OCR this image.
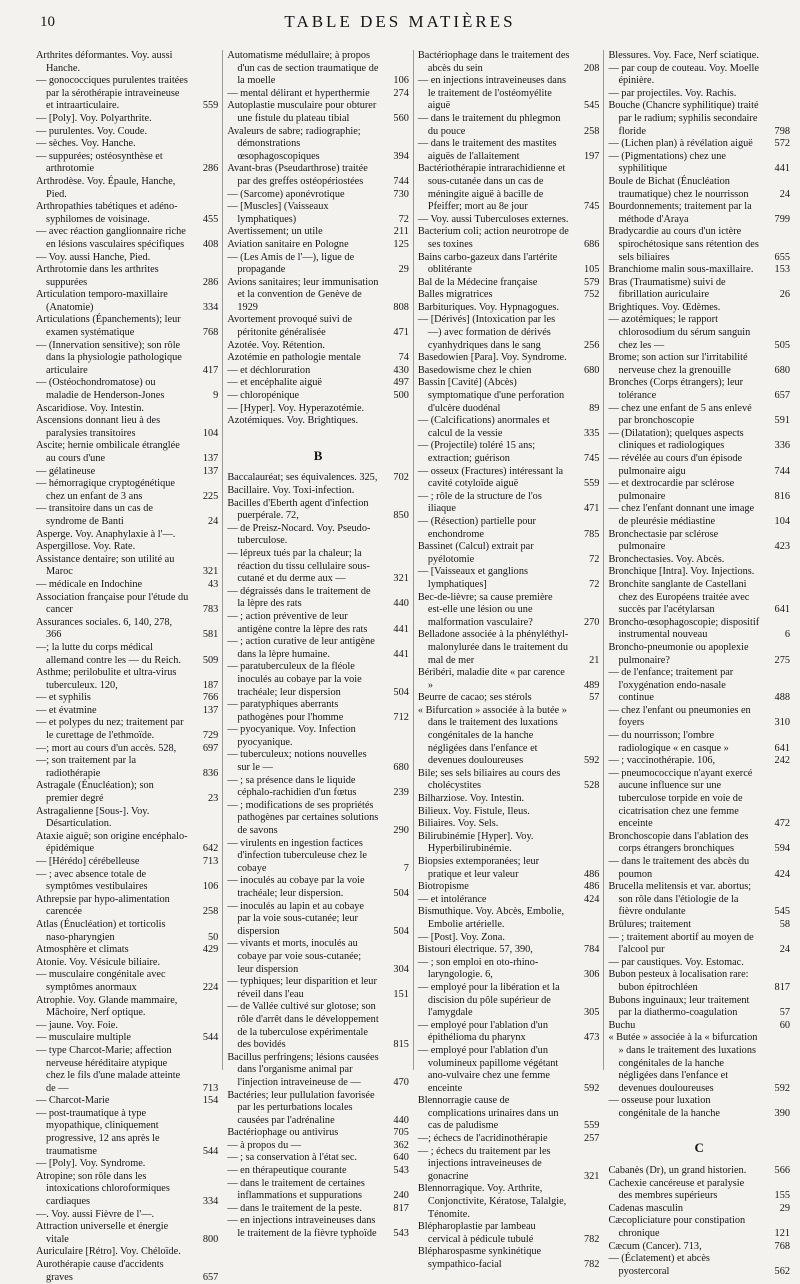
10	TABLE DES MATIÈRES

Arthrites déformantes. Voy. aussi Hanche.

— gonococciques purulentes traitées par la sérothérapie intraveineuse et intraarticulaire.	559

— [Poly]. Voy. Polyarthrite.

— purulentes. Voy. Coude.

— sèches. Voy. Hanche.

— suppurées; ostéosynthèse et arthrotomie	286

Arthrodèse. Voy. Épaule, Hanche, Pied.

Arthropathies tabétiques et adéno-syphilomes de voisinage.	455

— avec réaction ganglionnaire riche en lésions vasculaires spécifiques	408

— Voy. aussi Hanche, Pied.

Arthrotomie dans les arthrites suppurées	286

Articulation temporo-maxillaire (Anatomie)	334

Articulations (Épanchements); leur examen systématique	768

— (Innervation sensitive); son rôle dans la physiologie pathologique articulaire	417

— (Ostéochondromatose) ou maladie de Henderson-Jones	9

Ascaridiose. Voy. Intestin.

Ascensions donnant lieu à des paralysies transitoires	104

Ascite; hernie ombilicale étranglée au cours d'une	137

— gélatineuse	137

— hémorragique cryptogénétique chez un enfant de 3 ans	225

— transitoire dans un cas de syndrome de Banti	24

Asperge. Voy. Anaphylaxie à l'—.

Aspergillose. Voy. Rate.

Assistance dentaire; son utilité au Maroc	321

— médicale en Indochine	43

Association française pour l'étude du cancer	783

Assurances sociales. 6, 140, 278, 366	581

—; la lutte du corps médical allemand contre les — du Reich.	509

Asthme; perilobulite et ultra-virus tuberculeux. 120,	187

— et syphilis	766

— et évatmine	137

— et polypes du nez; traitement par le curettage de l'ethmoïde.	729

—; mort au cours d'un accès. 528,	697

—; son traitement par la radiothérapie	836

Astragale (Énucléation); son premier degré	23

Astragalienne [Sous-]. Voy. Désarticulation.

Ataxie aiguë; son origine encéphalo-épidémique	642

— [Hérédo] cérébelleuse	713

— ; avec absence totale de symptômes vestibulaires	106

Athrepsie par hypo-alimentation carencée	258

Atlas (Énucléation) et torticolis naso-pharyngien	50

Atmosphère et climats	429

Atonie. Voy. Vésicule biliaire.

— musculaire congénitale avec symptômes anormaux	224

Atrophie. Voy. Glande mammaire, Mâchoire, Nerf optique.

— jaune. Voy. Foie.

— musculaire multiple	544

— type Charcot-Marie; affection nerveuse héréditaire atypique chez le fils d'une malade atteinte de —	713

— Charcot-Marie	154

— post-traumatique à type myopathique, cliniquement progressive, 12 ans après le traumatisme	544

— [Poly]. Voy. Syndrome.

Atropine; son rôle dans les intoxications chloroformiques cardiaques	334

—. Voy. aussi Fièvre de l'—.

Attraction universelle et énergie vitale	800

Auriculaire [Rétro]. Voy. Chéloïde.

Aurothérapie cause d'accidents graves	657

Automatisme médullaire; à propos d'un cas de section traumatique de la moelle	106

— mental délirant et hyperthermie	274

Autoplastie musculaire pour obturer une fistule du plateau tibial	560

Avaleurs de sabre; radiographie; démonstrations œsophagoscopiques	394

Avant-bras (Pseudarthrose) traitée par des greffes ostéopériostées	744

— (Sarcome) aponévrotique	730

— [Muscles] (Vaisseaux lymphatiques)	72

Avertissement; un utile	211

Aviation sanitaire en Pologne	125

— (Les Amis de l'—), ligue de propagande	29

Avions sanitaires; leur immunisation et la convention de Genève de 1929	808

Avortement provoqué suivi de péritonite généralisée	471

Azotée. Voy. Rétention.

Azotémie en pathologie mentale	74

— et déchloruration	430

— et encéphalite aiguë	497

— chloropénique	500

— [Hyper]. Voy. Hyperazotémie.

Azotémiques. Voy. Brightiques.

B

Baccalauréat; ses équivalences. 325, 702

Bacillaire. Voy. Toxi-infection.

Bacilles d'Eberth agent d'infection puerpérale. 72,	850

— de Preisz-Nocard. Voy. Pseudo-tuberculose.

— lépreux tués par la chaleur; la réaction du tissu cellulaire sous-cutané et du derme aux —	321

— dégraissés dans le traitement de la lèpre des rats	440

— ; action préventive de leur antigène contre la lèpre des rats	441

— ; action curative de leur antigène dans la lèpre humaine.	441

— paratuberculeux de la fléole inoculés au cobaye par la voie trachéale; leur dispersion	504

— paratyphiques aberrants pathogènes pour l'homme	712

— pyocyanique. Voy. Infection pyocyanique.

— tuberculeux; notions nouvelles sur le —	680

— ; sa présence dans le liquide céphalo-rachidien d'un fœtus	239

— ; modifications de ses propriétés pathogènes par certaines solutions de savons	290

— virulents en ingestion factices d'infection tuberculeuse chez le cobaye	7

— inoculés au cobaye par la voie trachéale; leur dispersion.	504

— inoculés au lapin et au cobaye par la voie sous-cutanée; leur dispersion	504

— vivants et morts, inoculés au cobaye par voie sous-cutanée; leur dispersion	304

— typhiques; leur disparition et leur réveil dans l'eau	151

— de Vallée cultivé sur glotose; son rôle d'arrêt dans le développement de la tuberculose expérimentale des bovidés	815

Bacillus perfringens; lésions causées dans l'organisme animal par l'injection intraveineuse de —	470

Bactéries; leur pullulation favorisée par les perturbations locales causées par l'adrénaline	440

Bactériophage ou antivirus	705

— à propos du —	362

— ; sa conservation à l'état sec.	640

— en thérapeutique courante	543

— dans le traitement de certaines inflammations et suppurations	240

— dans le traitement de la peste.	817

— en injections intraveineuses dans le traitement de la fièvre typhoïde 543

Bactériophage dans le traitement des abcès du sein	208

— en injections intraveineuses dans le traitement de l'ostéomyélite aiguë	545

— dans le traitement du phlegmon du pouce	258

— dans le traitement des mastites aiguës de l'allaitement	197

Bactériothérapie intrarachidienne et sous-cutanée dans un cas de méningite aiguë à bacille de Pfeiffer; mort au 8e jour	745

— Voy. aussi Tuberculoses externes.

Bacterium coli; action neurotrope de ses toxines	686

Bains carbo-gazeux dans l'artérite oblitérante	105

Bal de la Médecine française	579

Balles migratrices	752

Barbituriques. Voy. Hypnagogues.

— [Dérivés] (Intoxication par les —) avec formation de dérivés cyanhydriques dans le sang	256

Basedowien [Para]. Voy. Syndrome.

Basedowisme chez le chien	680

Bassin [Cavité] (Abcès) symptomatique d'une perforation d'ulcère duodénal	89

— (Calcifications) anormales et calcul de la vessie	335

— (Projectile) toléré 15 ans; extraction; guérison	745

— osseux (Fractures) intéressant la cavité cotyloïde aiguë	559

— ; rôle de la structure de l'os iliaque	471

— (Résection) partielle pour enchondrome	785

Bassinet (Calcul) extrait par pyélotomie	72

— [Vaisseaux et ganglions lymphatiques]	72

Bec-de-lièvre; sa cause première est-elle une lésion ou une malformation vasculaire?	270

Belladone associée à la phényléthyl-malonylurée dans le traitement du mal de mer	21

Béribéri, maladie dite « par carence »	489

Beurre de cacao; ses stérols	57

« Bifurcation » associée à la butée » dans le traitement des luxations congénitales de la hanche négligées dans l'enfance et devenues douloureuses	592

Bile; ses sels biliaires au cours des cholécystites	528

Bilharziose. Voy. Intestin.

Bilieux. Voy. Fistule, Ileus.

Biliaires. Voy. Sels.

Bilirubinémie [Hyper]. Voy. Hyperbilirubinémie.

Biopsies extemporanées; leur pratique et leur valeur	486

Biotropisme	486

— et intolérance	424

Bismuthique. Voy. Abcès, Embolie, Embolie artérielle.

— [Post]. Voy. Zona.

Bistouri électrique. 57, 390,	784

— ; son emploi en oto-rhino-laryngologie. 6,	306

— employé pour la libération et la discision du pôle supérieur de l'amygdale	305

— employé pour l'ablation d'un épithélioma du pharynx	473

— employé pour l'ablation d'un volumineux papillome végétant ano-vulvaire chez une femme enceinte	592

Blennorragie cause de complications urinaires dans un cas de paludisme	559

—; échecs de l'acridinothérapie	257

— ; échecs du traitement par les injections intraveineuses de gonacrine	321

Blennorragique. Voy. Arthrite, Conjonctivite, Kératose, Talalgie, Ténomite.

Blépharoplastie par lambeau cervical à pédicule tubulé	782

Blépharospasme synkinétique sympathico-facial	782

Blessures. Voy. Face, Nerf sciatique.

— par coup de couteau. Voy. Moelle épinière.

— par projectiles. Voy. Rachis.

Bouche (Chancre syphilitique) traité par le radium; syphilis secondaire floride	798

— (Lichen plan) à révélation aiguë	572

— (Pigmentations) chez une syphilitique	441

Boule de Bichat (Énucléation traumatique) chez le nourrisson	24

Bourdonnements; traitement par la méthode d'Araya	799

Bradycardie au cours d'un ictère spirochétosique sans rétention des sels biliaires	655

Branchiome malin sous-maxillaire.	153

Bras (Traumatisme) suivi de fibrillation auriculaire	26

Brightiques. Voy. Œdèmes.

— azotémiques; le rapport chlorosodium du sérum sanguin chez les —	505

Brome; son action sur l'irritabilité nerveuse chez la grenouille	680

Bronches (Corps étrangers); leur tolérance	657

— chez une enfant de 5 ans enlevé par bronchoscopie	591

— (Dilatation); quelques aspects cliniques et radiologiques	336

— révélée au cours d'un épisode pulmonaire aigu	744

— et dextrocardie par sclérose pulmonaire	816

— chez l'enfant donnant une image de pleurésie médiastine	104

Bronchectasie par sclérose pulmonaire	423

Bronchectasies. Voy. Abcès.

Bronchique [Intra]. Voy. Injections.

Bronchite sanglante de Castellani chez des Européens traitée avec succès par l'acétylarsan	641

Broncho-œsophagoscopie; dispositif instrumental nouveau	6

Broncho-pneumonie ou apoplexie pulmonaire?	275

— de l'enfance; traitement par l'oxygénation endo-nasale continue	488

— chez l'enfant ou pneumonies en foyers	310

— du nourrisson; l'ombre radiologique « en casque »	641

— ; vaccinothérapie. 106,	242

— pneumococcique n'ayant exercé aucune influence sur une tuberculose torpide en voie de cicatrisation chez une femme enceinte	472

Bronchoscopie dans l'ablation des corps étrangers bronchiques	594

— dans le traitement des abcès du poumon	424

Brucella melitensis et var. abortus; son rôle dans l'étiologie de la fièvre ondulante	545

Brûlures; traitement	58

— ; traitement abortif au moyen de l'alcool pur	24

— par caustiques. Voy. Estomac.

Bubon pesteux à localisation rare: bubon épitrochléen	817

Bubons inguinaux; leur traitement par la diathermo-coagulation	57

Buchu	60

« Butée » associée à la « bifurcation » dans le traitement des luxations congénitales de la hanche négligées dans l'enfance et devenues douloureuses	592

— osseuse pour luxation congénitale de la hanche	390

C

Cabanès (Dr), un grand historien.	566

Cachexie cancéreuse et paralysie des membres supérieurs	155

Cadenas masculin	29

Cæcopliciature pour constipation chronique	121

Cæcum (Cancer). 713,	768

— (Éclatement) et abcès pyostercoral	562
